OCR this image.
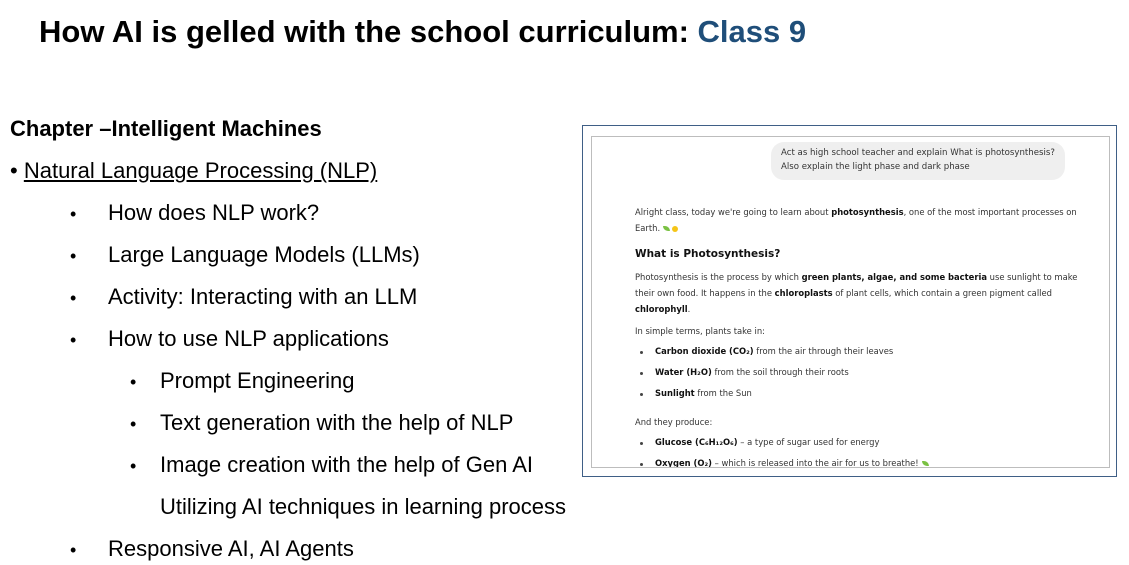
How AI is gelled with the school curriculum: Class 9
Chapter –Intelligent Machines
• Natural Language Processing (NLP)
• How does NLP work?
• Large Language Models (LLMs)
• Activity: Interacting with an LLM
• How to use NLP applications
• Prompt Engineering
• Text generation with the help of NLP
• Image creation with the help of Gen AI
Utilizing AI techniques in learning process
• Responsive AI, AI Agents
Act as high school teacher and explain What is photosynthesis?
Also explain the light phase and dark phase
Alright class, today we're going to learn about photosynthesis, one of the most important processes on Earth.
What is Photosynthesis?
Photosynthesis is the process by which green plants, algae, and some bacteria use sunlight to make their own food. It happens in the chloroplasts of plant cells, which contain a green pigment called chlorophyll.
In simple terms, plants take in:
Carbon dioxide (CO₂) from the air through their leaves
Water (H₂O) from the soil through their roots
Sunlight from the Sun
And they produce:
Glucose (C₆H₁₂O₆) – a type of sugar used for energy
Oxygen (O₂) – which is released into the air for us to breathe!
